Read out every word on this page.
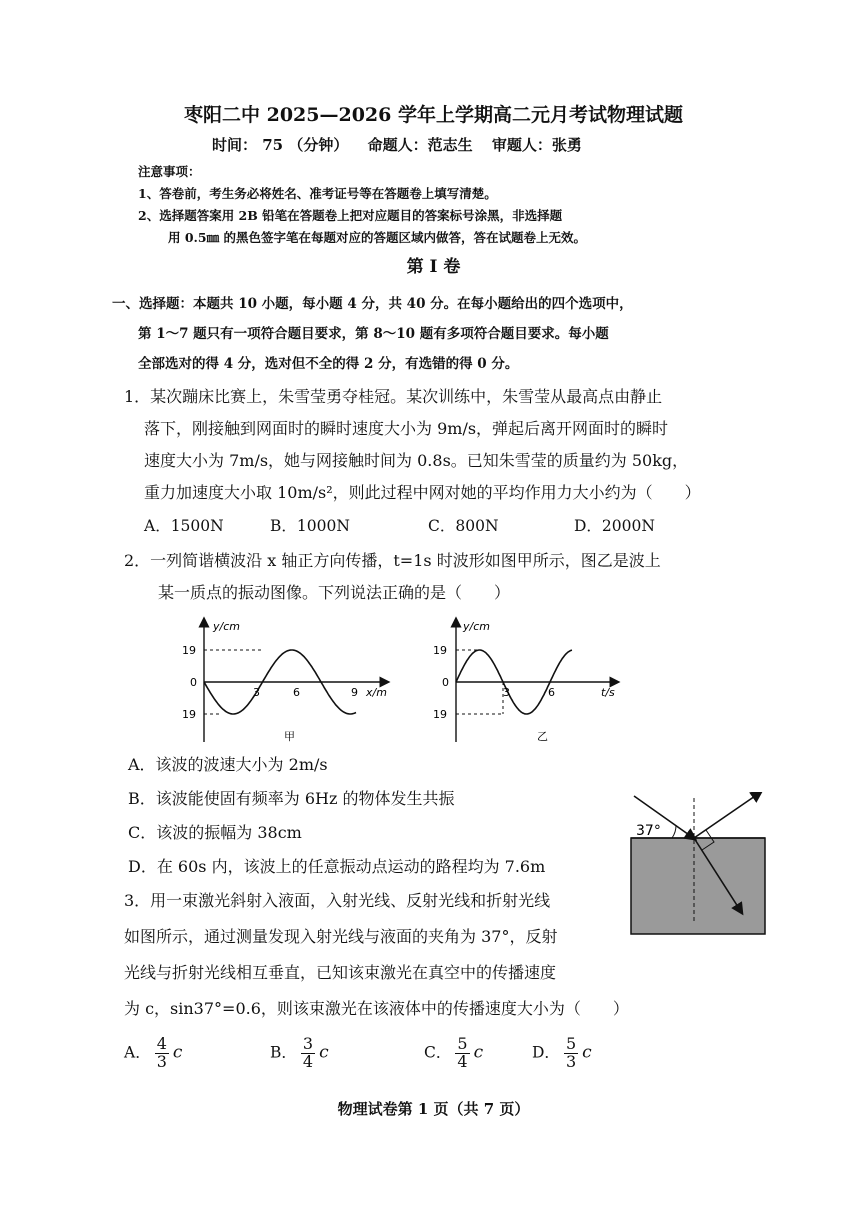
枣阳二中 2025—2026 学年上学期高二元月考试物理试题
时间： 75 （分钟） 命题人：范志生 审题人：张勇
注意事项：
1、答卷前，考生务必将姓名、准考证号等在答题卷上填写清楚。
2、选择题答案用 2B 铅笔在答题卷上把对应题目的答案标号涂黑，非选择题
用 0.5㎜ 的黑色签字笔在每题对应的答题区域内做答，答在试题卷上无效。
第 I 卷
一、选择题：本题共 10 小题，每小题 4 分，共 40 分。在每小题给出的四个选项中，
第 1～7 题只有一项符合题目要求，第 8～10 题有多项符合题目要求。每小题
全部选对的得 4 分，选对但不全的得 2 分，有选错的得 0 分。
1．某次蹦床比赛上，朱雪莹勇夺桂冠。某次训练中，朱雪莹从最高点由静止
落下，刚接触到网面时的瞬时速度大小为 9m/s，弹起后离开网面时的瞬时
速度大小为 7m/s，她与网接触时间为 0.8s。已知朱雪莹的质量约为 50kg，
重力加速度大小取 10m/s²，则此过程中网对她的平均作用力大小约为（　　）
A．1500N	B．1000N	C．800N	D．2000N
2．一列简谐横波沿 x 轴正方向传播，t=1s 时波形如图甲所示，图乙是波上
某一质点的振动图像。下列说法正确的是（　　）
y/cm
19
0
19
3	6	9 x/m
甲
y/cm
19
0
19
3	6	t/s
乙
A．该波的波速大小为 2m/s
B．该波能使固有频率为 6Hz 的物体发生共振
C．该波的振幅为 38cm
D．在 60s 内，该波上的任意振动点运动的路程均为 7.6m
37°
3．用一束激光斜射入液面，入射光线、反射光线和折射光线
如图所示，通过测量发现入射光线与液面的夹角为 37°，反射
光线与折射光线相互垂直，已知该束激光在真空中的传播速度
为 c，sin37°=0.6，则该束激光在该液体中的传播速度大小为（　　）
A． $\frac{4}{3}$ c	B． $\frac{3}{4}$ c	C． $\frac{5}{4}$ c	D． $\frac{5}{3}$ c
物理试卷第 1 页（共 7 页）
